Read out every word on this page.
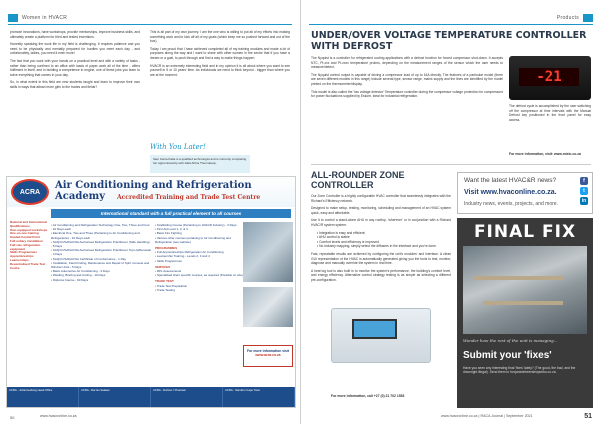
Women in HVACR

promote innovations, have workshops, provide mentorships, improve business skills, and ultimately create a platform for tried and tested inventions.

Honestly speaking the work life in my field is challenging. It requires patience and you need to be physically and mentally prepared for hurdles you meet each day - and unfortunately, ladies, you need it even more!

The fact that you work with your hands on a practical level and with a variety of tasks - rather than being confined to an office with loads of paper work all of the time - offers fulfilment in itself, and in building a competence in engine, one of these jobs you learn to solve everything that comes in your day.

So, in what extent in this field are new students taught and learn to improve their own skills in ways that attract more girls to the trades and fields?

This is all part of my own journey. I am the one who is willing to put all of my efforts into making something work and to kick off all of my goals (which keep me so pushed forward and out of the box).

Today I am proud that I have achieved completed all of my training modules and made a lot of purposes along the way and I want to share with other women in the sector that if you have a dream or a goal, to push through and find a way to make things happen.

HVACR is an extremely interesting field and in my opinion it is all about where you want to see yourself in 5 or 10 years' time. As individuals we need to think beyond - bigger than where you are at the moment.

With You Later!
Sam Kelva Kaba is a qualified technologist and is currently completing her apprenticeship with GEA Africa Thermaloop.
ACRA
Air Conditioning and Refrigeration Academy	Accredited Training and Trade Test Centre
International standard with a full practical element to all courses
National and International Qualifications
Own equipped workshops
One-on-one training
Guided Central Point
Full unitary installation
Full size refrigeration equipment
Skills Programmes
Apprenticeships
Learnerships
Decentralised Trade Test Centre
• Air Conditioning and Refrigeration Technology One, Two, Three and Four - 10 Days each
• Electrical One, Two and Three (Pertaining to Air Conditioning and Refrigeration) - 10 Days each
• SAQCC/SAFAC/SA Authorised Refrigeration Practitioner (Safe Handling) - 5 Days
• SAQCC/SAFAC/SA Authorised Refrigeration Practitioner Top-Up/Renewal - 3 Days
• SAQCC/SAFAC/SA Certificate of Conformance - 1 Day
• Installation, Fault Finding, Maintenance and Repair of Split, Console and Window Units - 5 Days
• Basic Automotive Air Conditioning - 3 Days
• Welding, Brazing and Cutting - 10 Days
• Diploma Course - 60 Days
• Scaffolding Course (Pertaining to HVACR Industry) - 3 Days
• First Aid Level 1, 2, & 3
• Basic Fire Fighting
• Various other courses pertaining to Air Conditioning and Refrigeration (see website)
PROGRAMMES
• Full Apprenticeships Refrigeration Air Conditioning
• Learnership Training - Levels 2, 3 and 4
• Skills Programmes
SERVICES
• RPL Assessments
• Specialised client specific courses, as required (Possible on site)
TRADE TEST
• Trade Test Preparation
• Trade Testing
For more information visit
www.acra.co.za
ACRA - Johannesburg Head Office	ACRA - Dar Es Salaam	ACRA - Durban / Pinetown	ACRA - Sandton Cape Town
50	www.hvacronline.co.za
Products
UNDER/OVER VOLTAGE TEMPERATURE CONTROLLER WITH DEFROST

The Nyquist is a controller for refrigerated cooling applications with a defrost function for forced compressor shut-down. It accepts NTC, Pt-xxx and Pt-xxxx temperature probes, depending on the measurement ranges of the sensor which the user needs to measure/detect.

The Nyquist control output is capable of driving a compressor load of up to 16A directly. The features of a particular model (there are seven different models in this range) include several type, sensor range, mains supply and the lines are identified by the model printed on the thermometer/display.

This model is also called the 'low voltage detector' Temperature controller during the compressor voltage protection for compressors for power fluctuations supplied by Eskom, ideal for industrial refrigeration.

-21

The defrost cycle is accomplished by the user switching off the compressor at time intervals with the Manual Defrost key positioned in the front panel for easy access.

For more information, visit: www.mieic.co.za
ALL-ROUNDER ZONE CONTROLLER

Our Zone Controller is a highly configurable HVAC controller that seamlessly integrates with the Richard's Efficiency network.

Designed to make setup, testing, monitoring, scheduling and management of an HVAC system quick, easy and affordable.

Use it to control a stand-alone AHU in any rooftop, 'wherever' or in conjunction with a Richard HVAC/R system system.

• Integration is easy and efficient;
• AHU control is stable
• Comfort levels and efficiency is improved
• No industry mapping, simply select the diffusers in the interface and you're done.

Fast, repeatable results are achieved by configuring the unit's modules' and interface. A clean GUI representation of the HVAC is automatically generated giving you the tools to test, monitor, diagnose and manually override the system in real time.

A heat log tool is also built in to monitor the system's performance, the building's comfort level, and energy efficiency. Alternative control strategy testing is as simple as selecting a different pre-configuration.

For more information, call +27 (0) 21 702 1553
Want the latest HVAC&R news?
Visit www.hvaconline.co.za.
Industry news, events, projects, and more.
f
t
in
FINAL FIX
Wonder how the rest of the unit is managing...
Submit your 'fixes'
Have you seen any interesting final 'fixes' lately? (The good, the bad, and the downright illegal). Send them to hvcjanedebeerslexpubbu.co.za.
www.hvacronline.co.za | RACA Journal | September 2021	51
